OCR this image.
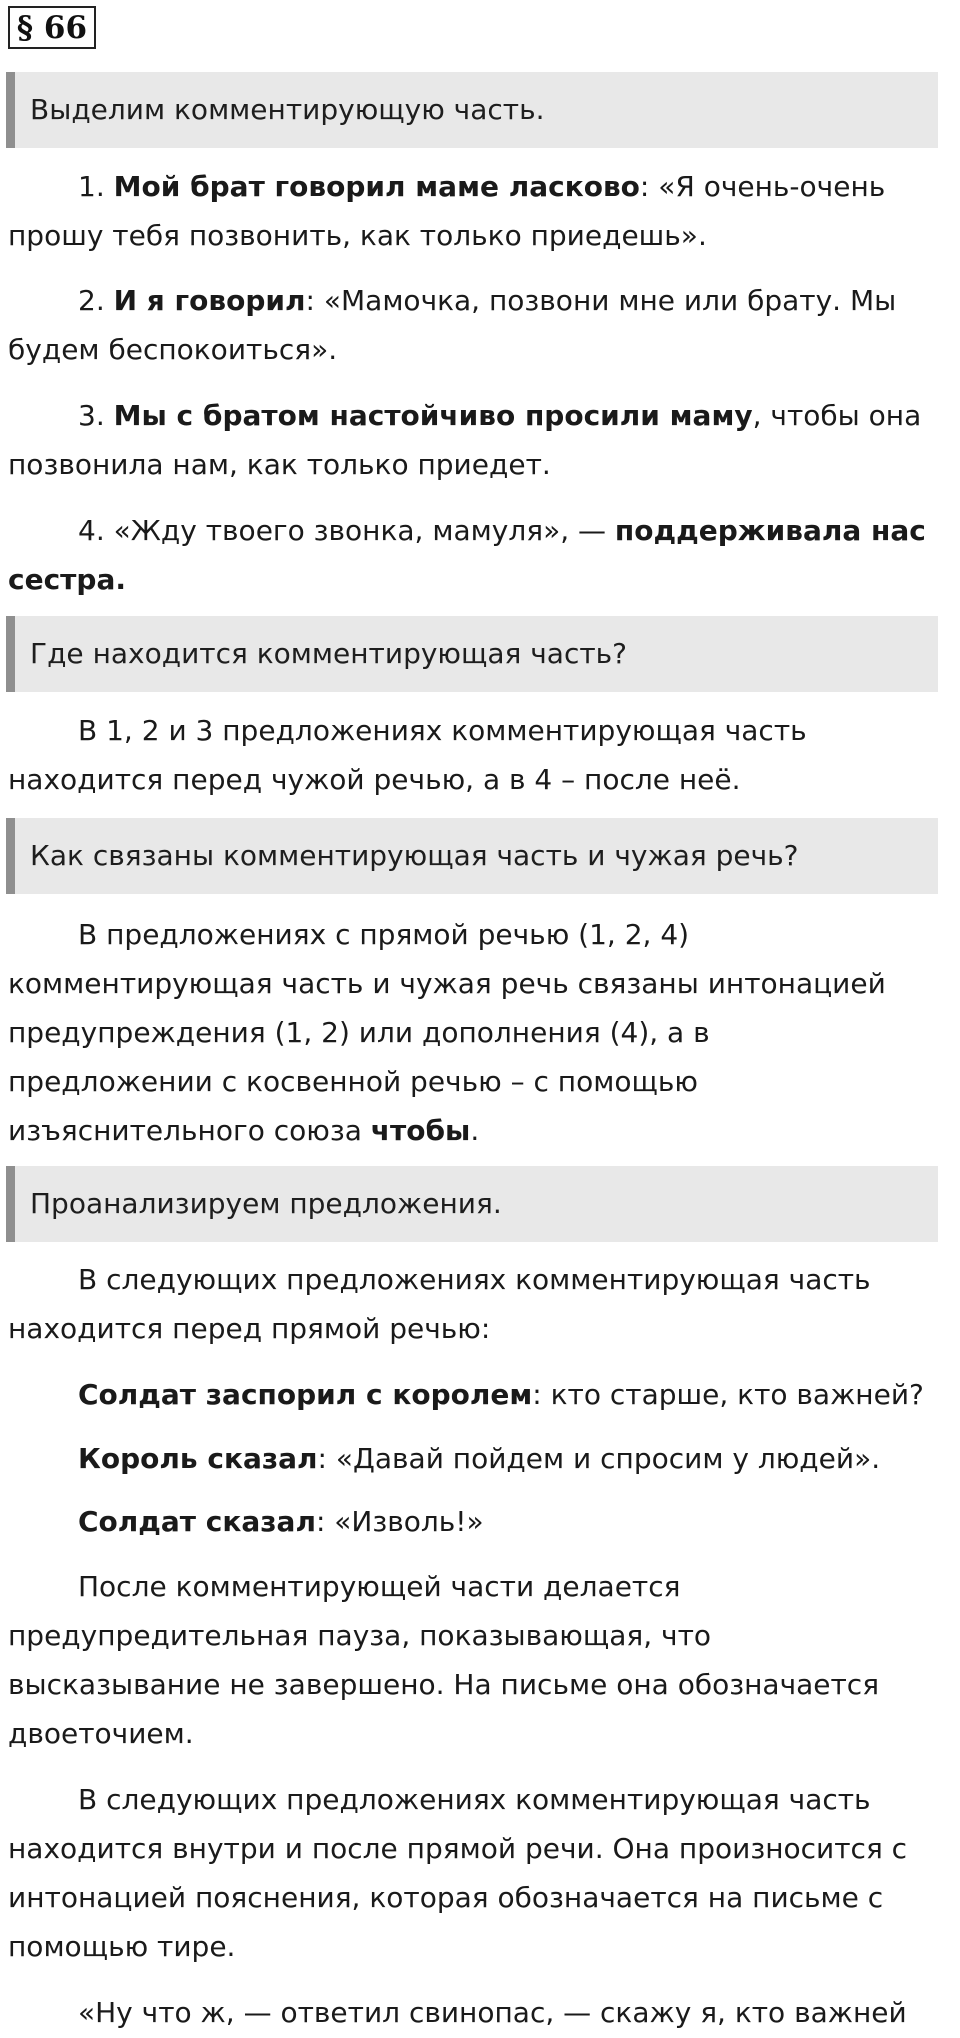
§ 66
Выделим комментирующую часть.
1. Мой брат говорил маме ласково: «Я очень-очень
прошу тебя позвонить, как только приедешь».
2. И я говорил: «Мамочка, позвони мне или брату. Мы
будем беспокоиться».
3. Мы с братом настойчиво просили маму, чтобы она
позвонила нам, как только приедет.
4. «Жду твоего звонка, мамуля», — поддерживала нас
сестра.
Где находится комментирующая часть?
В 1, 2 и 3 предложениях комментирующая часть
находится перед чужой речью, а в 4 – после неё.
Как связаны комментирующая часть и чужая речь?
В предложениях с прямой речью (1, 2, 4)
комментирующая часть и чужая речь связаны интонацией
предупреждения (1, 2) или дополнения (4), а в
предложении с косвенной речью – с помощью
изъяснительного союза чтобы.
Проанализируем предложения.
В следующих предложениях комментирующая часть
находится перед прямой речью:
Солдат заспорил с королем: кто старше, кто важней?
Король сказал: «Давай пойдем и спросим у людей».
Солдат сказал: «Изволь!»
После комментирующей части делается
предупредительная пауза, показывающая, что
высказывание не завершено. На письме она обозначается
двоеточием.
В следующих предложениях комментирующая часть
находится внутри и после прямой речи. Она произносится с
интонацией пояснения, которая обозначается на письме с
помощью тире.
«Ну что ж, — ответил свинопас, — скажу я, кто важней
